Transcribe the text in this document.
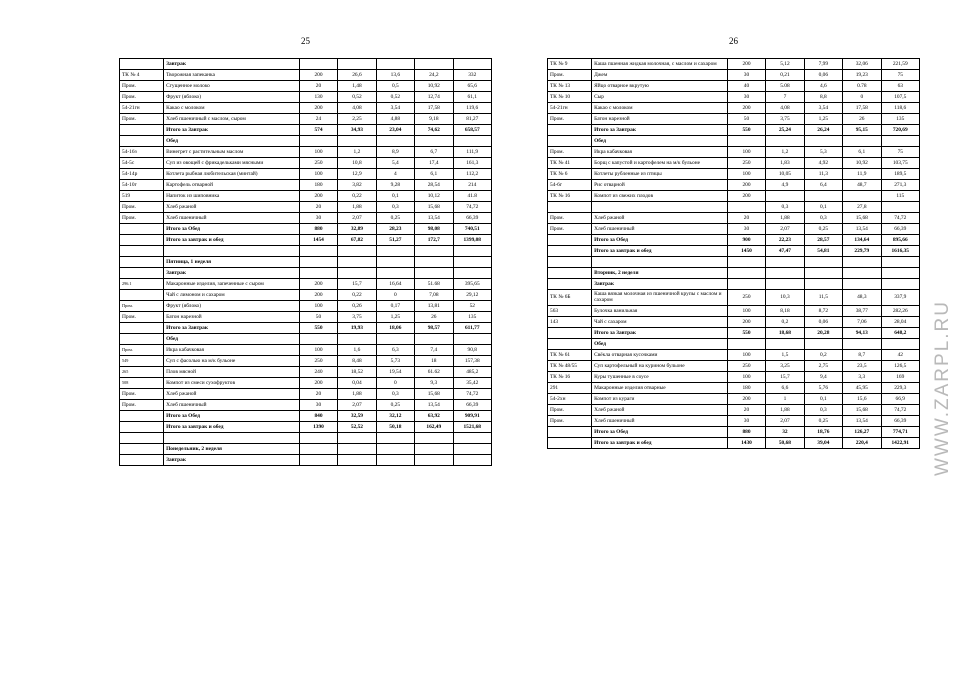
25	26
	Завтрак					
ТК № 4	Творожная запеканка	200	26,6	13,6	24,2	332
Пром.	Сгущенное молоко	20	1,48	0,5	10,92	65,6
Пром.	Фрукт (яблоко)	130	0,52	0,52	12,74	61,1
54-21гн	Какао с молоком	200	4,08	3,54	17,58	119,6
Пром.	Хлеб пшеничный с маслом, сыром	24	2,25	4,88	9,18	81,27
	Итого за Завтрак	574	34,93	23,04	74,62	658,57
	Обед					
54-16з	Винегрет с растительным маслом	100	1,2	8,9	6,7	111,9
54-5с	Суп из овощей с фрикадельками мясными	250	10,8	5,4	17,4	161,3
54-14р	Котлета рыбная любительская (минтай)	100	12,9	4	6,1	112,2
54-10г	Картофель отварной	180	3,82	9,28	28,54	214
519	Напиток из шиповника	200	0,22	0,1	10,12	41.8
Пром.	Хлеб ржаной	20	1,88	0,3	15,68	74,72
Пром.	Хлеб пшеничный	30	2,07	0,25	13,54	66,39
	Итого за Обед	880	32,89	28,23	98,08	740,51
	Итого за завтрак и обед	1454	67,82	51,27	172,7	1399,08

	Пятница, 1 неделя					
	Завтрак					
296.1	Макаронные изделия, запеченные с сыром	200	15,7	16,64	51.68	395,65
	Чай с лимоном и сахаром	200	0,22	0	7,08	29,12
Пром.	Фрукт (яблоко)	100	0,26	0,17	13,81	52
Пром.	Батон нарезной	50	3,75	1,25	26	135
	Итого за Завтрак	550	19,93	18,06	98,57	611,77
	Обед					
Пром.	Икра кабачковая	100	1,6	6,3	7,4	90,8
549	Суп с фасолью на м/к бульоне	250	8,48	5,73	18	157,38
265	Плов мясной	240	18,52	19,54	61.62	485,2
508	Компот из смеси сухофруктов	200	0,04	0	9,3	35,42
Пром.	Хлеб ржаной	20	1,88	0,3	15,68	74,72
Пром.	Хлеб пшеничный	30	2,07	0,25	13,54	66,39
	Итого за Обед	840	32,59	32,12	63,92	909,91
	Итого за завтрак и обед	1390	52,52	50,18	162,49	1521,68

	Понедельник, 2 неделя					
	Завтрак					
ТК № 9	Каша пшенная жидкая молочная, с маслом и сахаром	200	5,12	7,99	32,06	221,59
Пром.	Джем	30	0,21	0,06	19,23	75
ТК № 13	Яйцо отварное вкрутую	40	5.08	4,6	0.78	63
ТК № 10	Сыр	30	7	8,8	0	107,5
54-21гн	Какао с молоком	200	4,08	3,54	17,58	118,6
Пром.	Батон нарезной	50	3,75	1,25	26	135
	Итого за Завтрак	550	25,24	26,24	95,15	720,69
	Обед					
Пром.	Икра кабачковая	100	1,2	5,3	6,1	75
ТК № 41	Борщ с капустой и картофелем на м/к бульоне	250	1,83	4,92	10,92	103,75
ТК № 6	Котлеты рубленные из птицы	100	10,05	11,3	11,9	189,5
54-6г	Рис отварной	200	4,9	6,4	48,7	271,3
ТК № 16	Компот из свежих плодов	200				115
			0,3	0,1	27,8	
Пром.	Хлеб ржаной	20	1,88	0,3	15,68	74,72
Пром.	Хлеб пшеничный	30	2,07	0,25	13,54	66,39
	Итого за Обед	900	22,23	28,57	134,64	895,66
	Итого за завтрак и обед	1450	47,47	54,81	229,79	1616,35

	Вторник, 2 неделя					
	Завтрак					
ТК № 6Б	Каша вязкая молочная из пшеничной крупы с маслом и сахаром	250	10,3	11,5	48,3	337,9
563	Булочка ванильная	100	8,18	8,72	38,77	282,26
143	Чай с сахаром	200	0,2	0,06	7,06	28,04
	Итого за Завтрак	550	18,68	20,28	94,13	648,2
	Обед					
ТК № 61	Свёкла отварная кусочками	100	1,5	0,2	8,7	42
ТК № 48/55	Суп картофельный на курином бульоне	250	3,25	2,75	23,5	126,5
ТК № 16	Куры тушенные в соусе	100	15,7	9,4	3,3	169
291	Макаронные изделия отварные	180	6,6	5,76	45,95	229,3
54-2хн	Компот из кураги	200	1	0,1	15,6	66,9
Пром.	Хлеб ржаной	20	1,88	0,3	15,68	74,72
Пром.	Хлеб пшеничный	30	2,07	0,25	13,54	66,39
	Итого за Обед	880	32	18,76	126,27	774,71
	Итого за завтрак и обед	1430	50,68	39,04	220,4	1422,91 WWW.ZARPL.RU
